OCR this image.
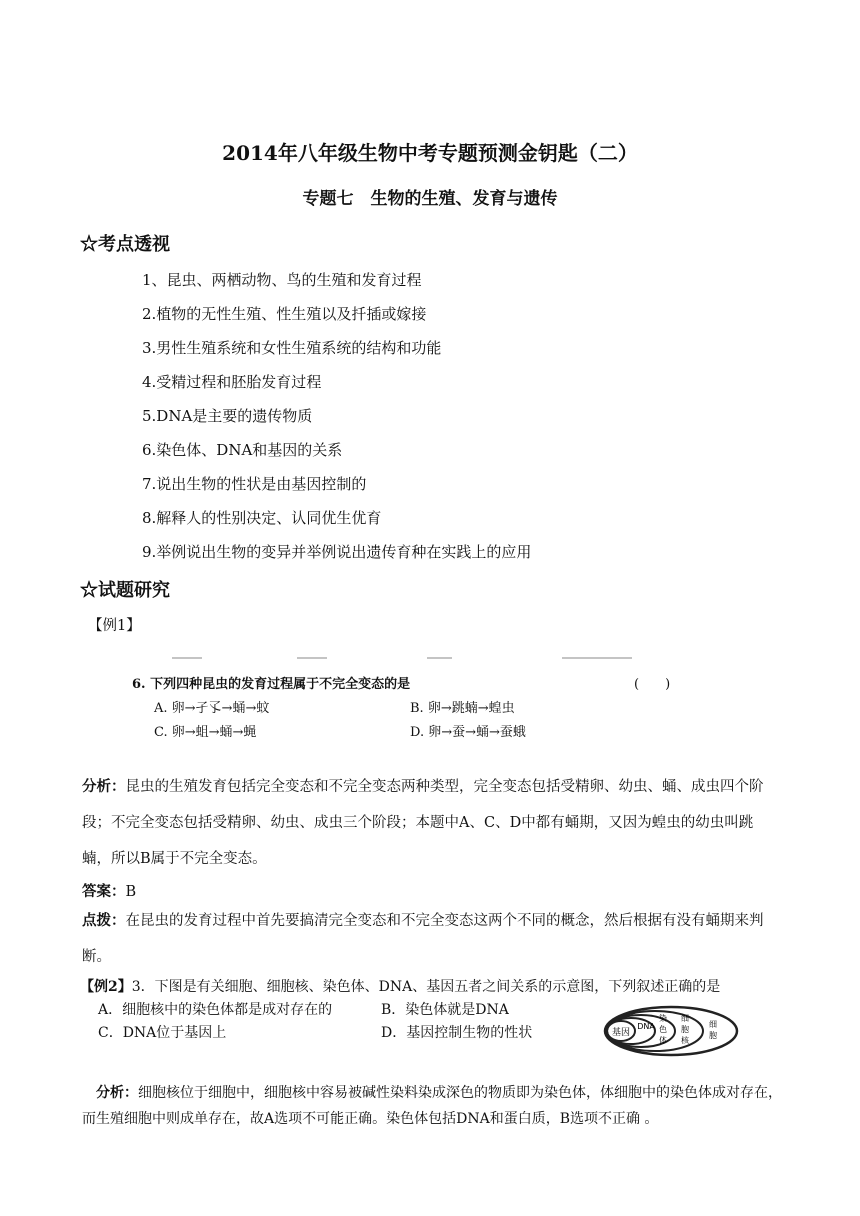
2014年八年级生物中考专题预测金钥匙（二）
专题七　生物的生殖、发育与遗传
☆考点透视
1、昆虫、两栖动物、鸟的生殖和发育过程
2.植物的无性生殖、性生殖以及扦插或嫁接
3.男性生殖系统和女性生殖系统的结构和功能
4.受精过程和胚胎发育过程
5.DNA是主要的遗传物质
6.染色体、DNA和基因的关系
7.说出生物的性状是由基因控制的
8.解释人的性别决定、认同优生优育
9.举例说出生物的变异并举例说出遗传育种在实践上的应用
☆试题研究
【例1】
6. 下列四种昆虫的发育过程属于不完全变态的是	(　　)
A. 卵→孑孓→蛹→蚊	B. 卵→跳蝻→蝗虫
C. 卵→蛆→蛹→蝇	D. 卵→蚕→蛹→蚕蛾
分析：昆虫的生殖发育包括完全变态和不完全变态两种类型，完全变态包括受精卵、幼虫、蛹、成虫四个阶段；不完全变态包括受精卵、幼虫、成虫三个阶段；本题中A、C、D中都有蛹期，又因为蝗虫的幼虫叫跳蝻，所以B属于不完全变态。
答案：B
点拨：在昆虫的发育过程中首先要搞清完全变态和不完全变态这两个不同的概念，然后根据有没有蛹期来判断。
【例2】3．下图是有关细胞、细胞核、染色体、DNA、基因五者之间关系的示意图，下列叙述正确的是
A．细胞核中的染色体都是成对存在的	B．染色体就是DNA
C．DNA位于基因上	D．基因控制生物的性状	基因
DNA
染
色
体
细
胞
核
细
胞
分析：细胞核位于细胞中，细胞核中容易被碱性染料染成深色的物质即为染色体，体细胞中的染色体成对存在，而生殖细胞中则成单存在，故A选项不可能正确。染色体包括DNA和蛋白质，B选项不正确 。
